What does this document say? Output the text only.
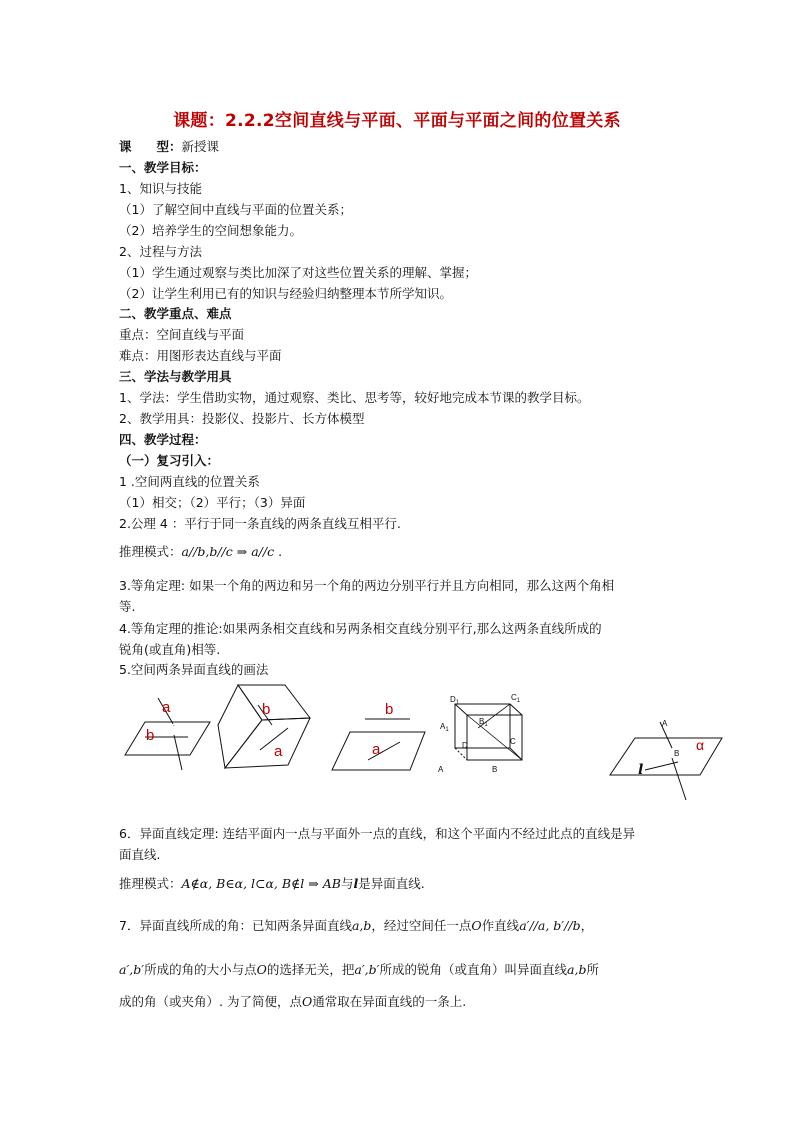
课题：2.2.2空间直线与平面、平面与平面之间的位置关系
课　　型：新授课
一、教学目标：
1、知识与技能
（1）了解空间中直线与平面的位置关系；
（2）培养学生的空间想象能力。
2、过程与方法
（1）学生通过观察与类比加深了对这些位置关系的理解、掌握；
（2）让学生利用已有的知识与经验归纳整理本节所学知识。
二、教学重点、难点
重点：空间直线与平面
难点：用图形表达直线与平面
三、学法与教学用具
1、学法：学生借助实物，通过观察、类比、思考等，较好地完成本节课的教学目标。
2、教学用具：投影仪、投影片、长方体模型
四、教学过程：
（一）复习引入：
1 .空间两直线的位置关系
（1）相交；（2）平行；（3）异面
2.公理 4 ：平行于同一条直线的两条直线互相平行.
推理模式：a//b,b//c ⇒ a//c .
3.等角定理: 如果一个角的两边和另一个角的两边分别平行并且方向相同，那么这两个角相
等.
4.等角定理的推论:如果两条相交直线和另两条相交直线分别平行,那么这两条直线所成的
锐角(或直角)相等.
5.空间两条异面直线的画法
a
b
b
a
b
a
$D_1$
$C_1$
$B_1$
$A_1$
D	C
A	B
A
B
α
l
6．异面直线定理: 连结平面内一点与平面外一点的直线，和这个平面内不经过此点的直线是异
面直线.
推理模式：A∉α, B∈α, l⊂α, B∉l ⇒ AB与l是异面直线.
7．异面直线所成的角：已知两条异面直线a,b，经过空间任一点O作直线a′//a, b′//b，
a′,b′所成的角的大小与点O的选择无关，把a′,b′所成的锐角（或直角）叫异面直线a,b所
成的角（或夹角）. 为了简便，点O通常取在异面直线的一条上.
